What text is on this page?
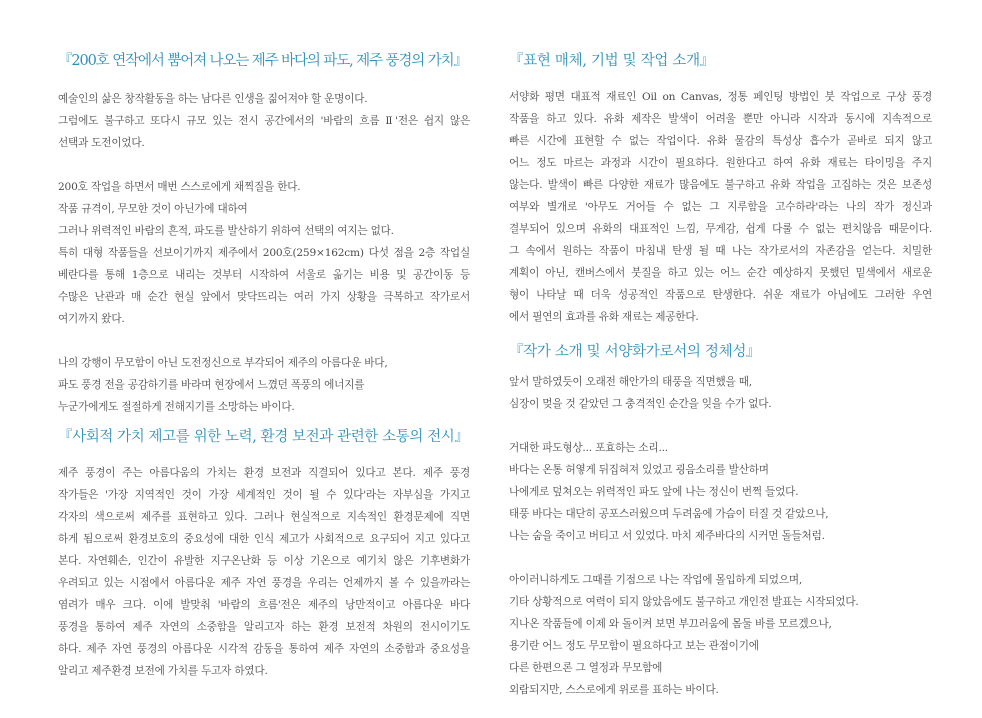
『200호 연작에서 뿜어져 나오는 제주 바다의 파도, 제주 풍경의 가치』
예술인의 삶은 창작활동을 하는 남다른 인생을 짊어져야 할 운명이다.
그럼에도 불구하고 또다시 규모 있는 전시 공간에서의 '바람의 흐름 Ⅱ'전은 쉽지 않은
선택과 도전이었다.
200호 작업을 하면서 매번 스스로에게 채찍질을 한다.
작품 규격이, 무모한 것이 아닌가에 대하여
그러나 위력적인 바람의 흔적, 파도를 발산하기 위하여 선택의 여지는 없다.
특히 대형 작품들을 선보이기까지 제주에서 200호(259×162cm) 다섯 점을 2층 작업실
베란다를 통해 1층으로 내리는 것부터 시작하여 서울로 옮기는 비용 및 공간이동 등
수많은 난관과 매 순간 현실 앞에서 맞닥뜨리는 여러 가지 상황을 극복하고 작가로서
여기까지 왔다.
나의 강행이 무모함이 아닌 도전정신으로 부각되어 제주의 아름다운 바다,
파도 풍경 전을 공감하기를 바라며 현장에서 느꼈던 폭풍의 에너지를
누군가에게도 절절하게 전해지기를 소망하는 바이다.
『사회적 가치 제고를 위한 노력, 환경 보전과 관련한 소통의 전시』
제주 풍경이 주는 아름다움의 가치는 환경 보전과 직결되어 있다고 본다. 제주 풍경
작가들은 '가장 지역적인 것이 가장 세계적인 것이 될 수 있다'라는 자부심을 가지고
각자의 색으로써 제주를 표현하고 있다. 그러나 현실적으로 지속적인 환경문제에 직면
하게 됨으로써 환경보호의 중요성에 대한 인식 제고가 사회적으로 요구되어 지고 있다고
본다. 자연훼손, 인간이 유발한 지구온난화 등 이상 기온으로 예기치 않은 기후변화가
우려되고 있는 시점에서 아름다운 제주 자연 풍경을 우리는 언제까지 볼 수 있을까라는
염려가 매우 크다. 이에 발맞춰 '바람의 흐름'전은 제주의 낭만적이고 아름다운 바다
풍경을 통하여 제주 자연의 소중함을 알리고자 하는 환경 보전적 차원의 전시이기도
하다. 제주 자연 풍경의 아름다운 시각적 감동을 통하여 제주 자연의 소중함과 중요성을
알리고 제주환경 보전에 가치를 두고자 하였다.
『표현 매체, 기법 및 작업 소개』
서양화 평면 대표적 재료인 Oil on Canvas, 정통 페인팅 방법인 붓 작업으로 구상 풍경
작품을 하고 있다. 유화 제작은 발색이 어려울 뿐만 아니라 시작과 동시에 지속적으로
빠른 시간에 표현할 수 없는 작업이다. 유화 물감의 특성상 흡수가 곧바로 되지 않고
어느 정도 마르는 과정과 시간이 필요하다. 원한다고 하여 유화 재료는 타이밍을 주지
않는다. 발색이 빠른 다양한 재료가 많음에도 불구하고 유화 작업을 고집하는 것은 보존성
여부와 별개로 '아무도 거어들 수 없는 그 지루함을 고수하라'라는 나의 작가 정신과
결부되어 있으며 유화의 대표적인 느낌, 무게감, 쉽게 다룰 수 없는 편치않음 때문이다.
그 속에서 원하는 작품이 마침내 탄생 될 때 나는 작가로서의 자존감을 얻는다. 치밀한
계획이 아닌, 캔버스에서 붓질을 하고 있는 어느 순간 예상하지 못했던 밑색에서 새로운
형이 나타날 때 더욱 성공적인 작품으로 탄생한다. 쉬운 재료가 아님에도 그러한 우연
에서 필연의 효과를 유화 재료는 제공한다.
『작가 소개 및 서양화가로서의 정체성』
앞서 말하였듯이 오래전 해안가의 태풍을 직면했을 때,
심장이 멎을 것 같았던 그 충격적인 순간을 잊을 수가 없다.
거대한 파도형상... 포효하는 소리...
바다는 온통 허옇게 뒤집혀져 있었고 굉음소리를 발산하며
나에게로 덮쳐오는 위력적인 파도 앞에 나는 정신이 번쩍 들었다.
태풍 바다는 대단히 공포스러웠으며 두려움에 가슴이 터질 것 같았으나,
나는 숨을 죽이고 버티고 서 있었다. 마치 제주바다의 시커먼 돌들처럼.
아이러니하게도 그때를 기점으로 나는 작업에 몰입하게 되었으며,
기타 상황적으로 여력이 되지 않았음에도 불구하고 개인전 발표는 시작되었다.
지나온 작품들에 이제 와 돌이켜 보면 부끄러움에 몸둘 바를 모르겠으나,
용기란 어느 정도 무모함이 필요하다고 보는 관점이기에
다른 한편으론 그 열정과 무모함에
외람되지만, 스스로에게 위로를 표하는 바이다.
